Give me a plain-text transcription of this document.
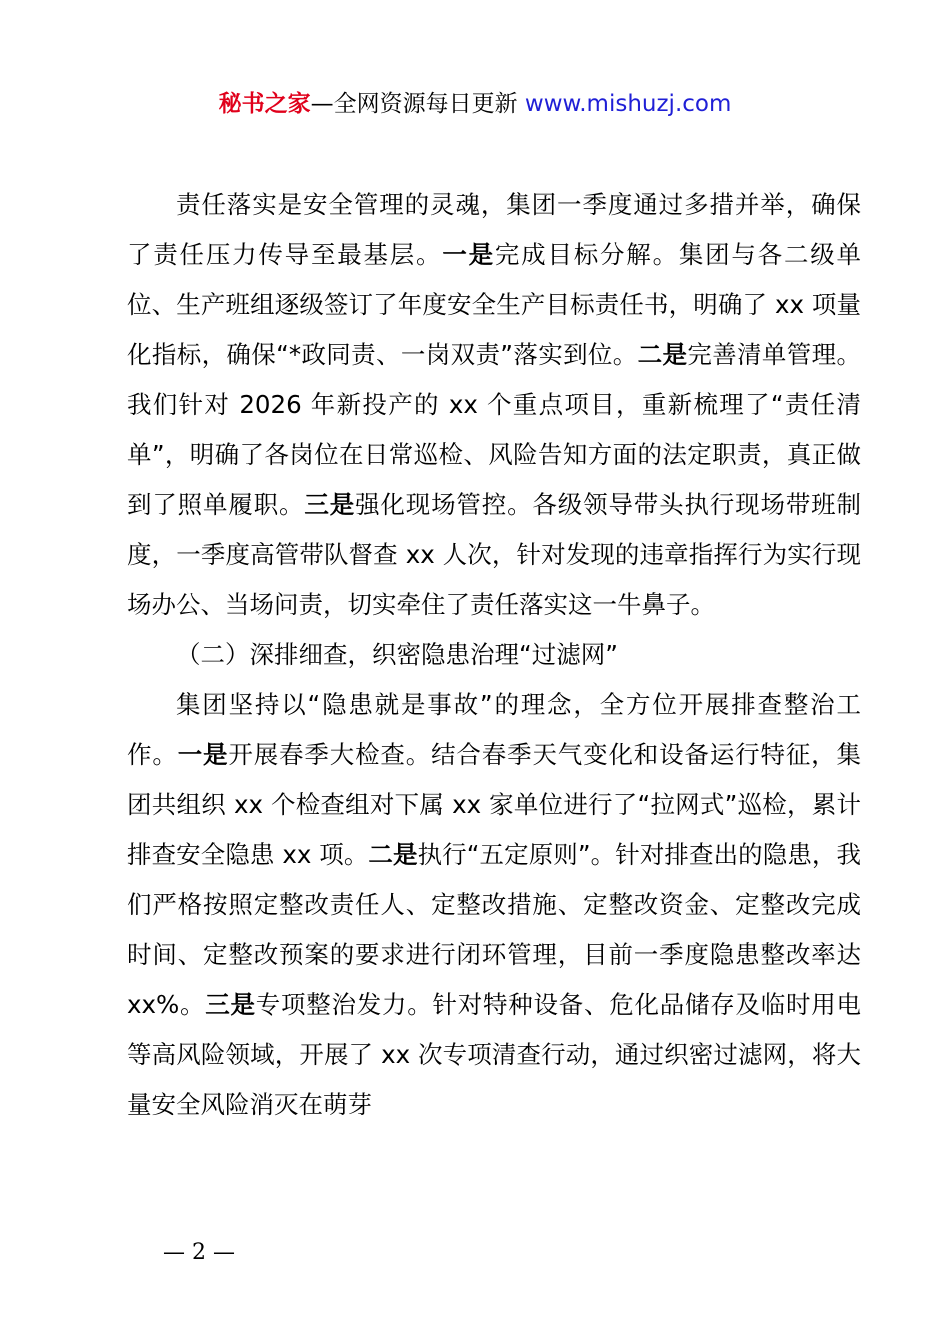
秘书之家—全网资源每日更新 www.mishuzj.com

责任落实是安全管理的灵魂，集团一季度通过多措并举，确保了责任压力传导至最基层。一是完成目标分解。集团与各二级单位、生产班组逐级签订了年度安全生产目标责任书，明确了 xx 项量化指标，确保“*政同责、一岗双责”落实到位。二是完善清单管理。我们针对 2026 年新投产的 xx 个重点项目，重新梳理了“责任清单”，明确了各岗位在日常巡检、风险告知方面的法定职责，真正做到了照单履职。三是强化现场管控。各级领导带头执行现场带班制度，一季度高管带队督查 xx 人次，针对发现的违章指挥行为实行现场办公、当场问责，切实牵住了责任落实这一牛鼻子。

（二）深排细查，织密隐患治理“过滤网”

集团坚持以“隐患就是事故”的理念，全方位开展排查整治工作。一是开展春季大检查。结合春季天气变化和设备运行特征，集团共组织 xx 个检查组对下属 xx 家单位进行了“拉网式”巡检，累计排查安全隐患 xx 项。二是执行“五定原则”。针对排查出的隐患，我们严格按照定整改责任人、定整改措施、定整改资金、定整改完成时间、定整改预案的要求进行闭环管理，目前一季度隐患整改率达 xx%。三是专项整治发力。针对特种设备、危化品储存及临时用电等高风险领域，开展了 xx 次专项清查行动，通过织密过滤网，将大量安全风险消灭在萌芽

— 2 —
